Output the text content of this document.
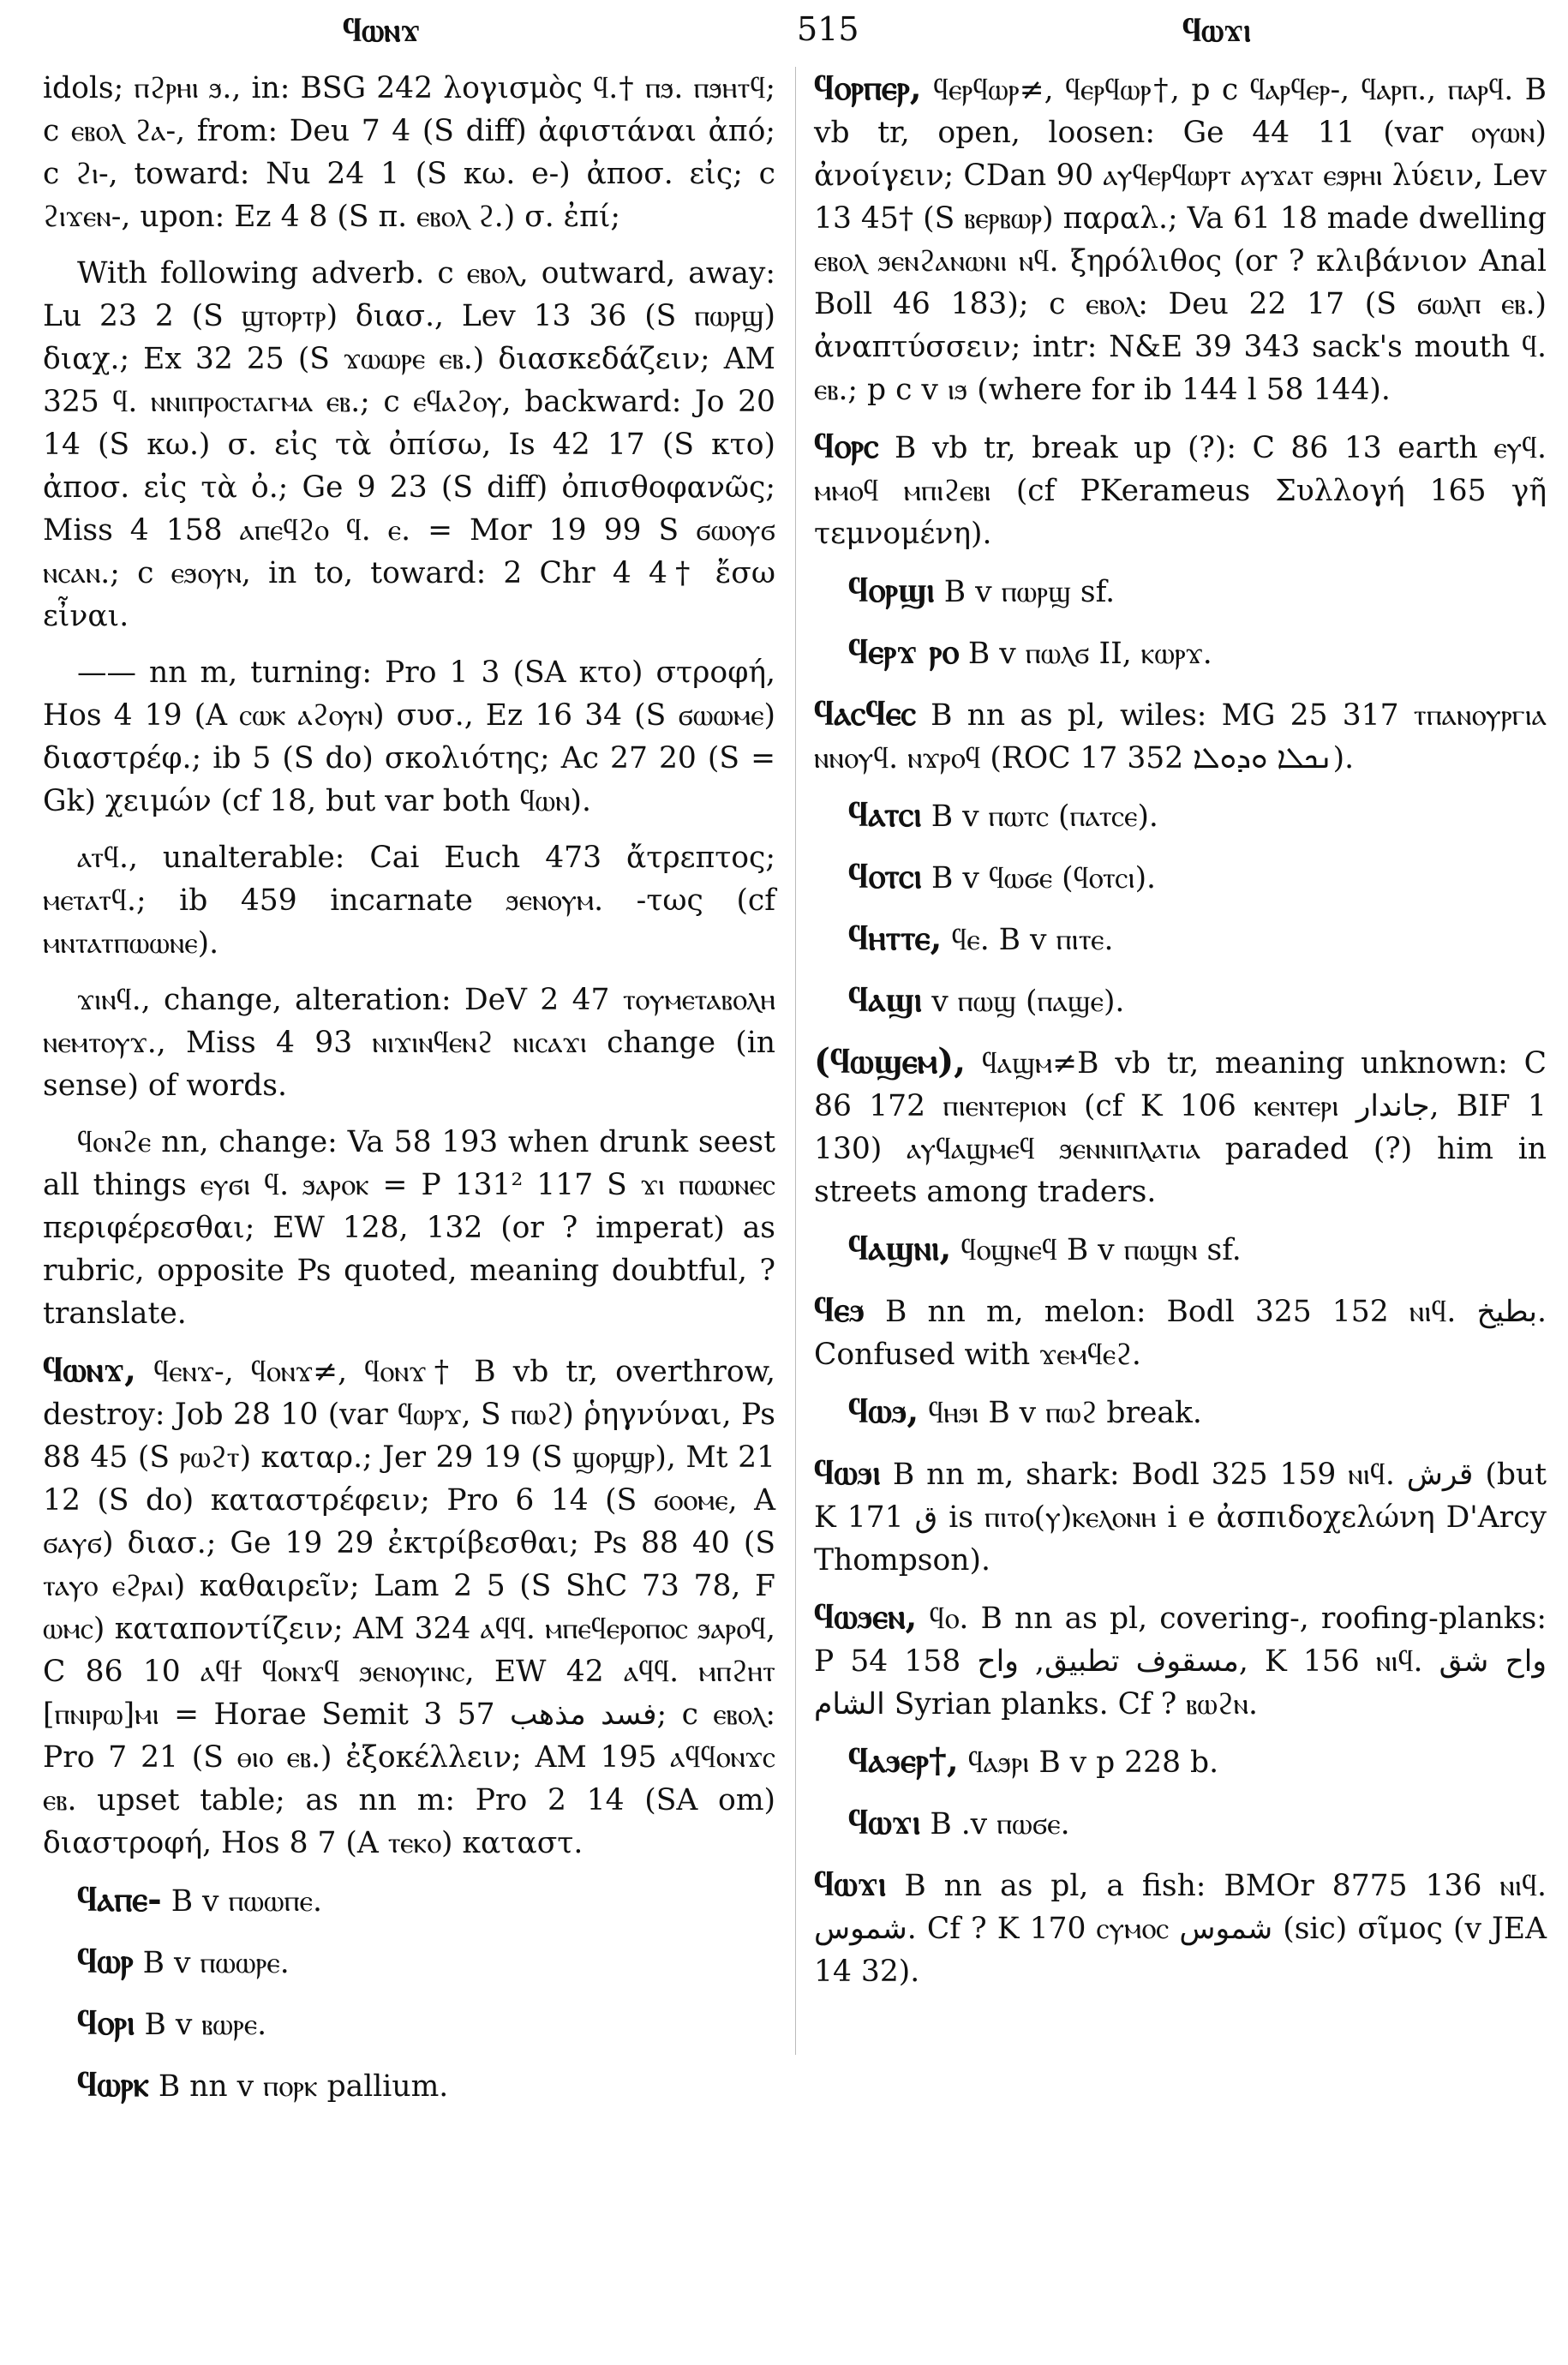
ϥⲱⲛϫ	515	ϥⲱϫⲓ

idols; ⲡϩⲣⲏⲓ ϧ., in: BSG 242 λογισμὸς ϥ.† ⲡϧ. ⲡϧⲏⲧϥ; c ⲉⲃⲟⲗ ϩⲁ-, from: Deu 7 4 (S diff) ἀφιστάναι ἀπό; c ϩⲓ-, toward: Nu 24 1 (S κω. e-) ἀποσ. εἰς; c ϩⲓϫⲉⲛ-, upon: Ez 4 8 (S π. ⲉⲃⲟⲗ ϩ.) σ. ἐπί;

With following adverb. c ⲉⲃⲟⲗ, outward, away: Lu 23 2 (S ϣⲧⲟⲣⲧⲣ) διασ., Lev 13 36 (S ⲡⲱⲣϣ) διαχ.; Ex 32 25 (S ϫⲱⲱⲣⲉ ⲉⲃ.) διασκεδάζειν; AM 325 ϥ. ⲛⲛⲓⲡⲣⲟⲥⲧⲁⲅⲙⲁ ⲉⲃ.; c ⲉϥⲁϩⲟⲩ, backward: Jo 20 14 (S κω.) σ. εἰς τὰ ὀπίσω, Is 42 17 (S κτο) ἀποσ. εἰς τὰ ὀ.; Ge 9 23 (S diff) ὀπισθοφανῶς; Miss 4 158 ⲁⲡⲉϥϩⲟ ϥ. ⲉ. = Mor 19 99 S ϭⲱⲟⲩϭ ⲛⲥⲁⲛ.; c ⲉϧⲟⲩⲛ, in to, toward: 2 Chr 4 4† ἔσω εἶναι.

—— nn m, turning: Pro 1 3 (SA κτο) στροφή, Hos 4 19 (A ⲥⲱⲕ ⲁϩⲟⲩⲛ) συσ., Ez 16 34 (S ϭⲱⲱⲙⲉ) διαστρέφ.; ib 5 (S do) σκολιότης; Ac 27 20 (S = Gk) χειμών (cf 18, but var both ϥⲱⲛ).

ⲁⲧϥ., unalterable: Cai Euch 473 ἄτρεπτος; ⲙⲉⲧⲁⲧϥ.; ib 459 incarnate ϧⲉⲛⲟⲩⲙ. -τως (cf ⲙⲛⲧⲁⲧⲡⲱⲱⲛⲉ).

ϫⲓⲛϥ., change, alteration: DeV 2 47 ⲧⲟⲩⲙⲉⲧⲁⲃⲟⲗⲏ ⲛⲉⲙⲧⲟⲩϫ., Miss 4 93 ⲛⲓϫⲓⲛϥⲉⲛϩ ⲛⲓⲥⲁϫⲓ change (in sense) of words.

ϥⲟⲛϩⲉ nn, change: Va 58 193 when drunk seest all things ⲉⲩϭⲓ ϥ. ϧⲁⲣⲟⲕ = P 131² 117 S ϫⲓ ⲡⲱⲱⲛⲉⲥ περιφέρεσθαι; EW 128, 132 (or ? imperat) as rubric, opposite Ps quoted, meaning doubtful, ? translate.

ϥⲱⲛϫ, ϥⲉⲛϫ-, ϥⲟⲛϫ≠, ϥⲟⲛϫ† B vb tr, overthrow, destroy: Job 28 10 (var ϥⲱⲣϫ, S ⲡⲱϩ) ῥηγνύναι, Ps 88 45 (S ⲣⲱϩⲧ) καταρ.; Jer 29 19 (S ϣⲟⲣϣⲣ), Mt 21 12 (S do) καταστρέφειν; Pro 6 14 (S ϭⲟⲟⲙⲉ, A ϭⲁⲩϭ) διασ.; Ge 19 29 ἐκτρίβεσθαι; Ps 88 40 (S ⲧⲁⲩⲟ ⲉϩⲣⲁⲓ) καθαιρεῖν; Lam 2 5 (S ShC 73 78, F ⲱⲙⲥ) καταποντίζειν; AM 324 ⲁϥϥ. ⲙⲡⲉϥⲉⲣⲟⲡⲟⲥ ϧⲁⲣⲟϥ, C 86 10 ⲁϥϯ ϥⲟⲛϫϥ ϧⲉⲛⲟⲩⲓⲛⲥ, EW 42 ⲁϥϥ. ⲙⲡϩⲏⲧ [ⲡⲛⲓⲣⲱ]ⲙⲓ = Horae Semit 3 57 فسد مذهب; c ⲉⲃⲟⲗ: Pro 7 21 (S ⲑⲓⲟ ⲉⲃ.) ἐξοκέλλειν; AM 195 ⲁϥϥⲟⲛϫⲥ ⲉⲃ. upset table; as nn m: Pro 2 14 (SA om) διαστροφή, Hos 8 7 (A ⲧⲉⲕⲟ) καταστ.

ϥⲁⲡⲉ- B v ⲡⲱⲱⲡⲉ.

ϥⲱⲣ B v ⲡⲱⲱⲣⲉ.

ϥⲟⲣⲓ B v ⲃⲱⲣⲉ.

ϥⲱⲣⲕ B nn v ⲡⲟⲣⲕ pallium.

ϥⲟⲣⲡⲉⲣ, ϥⲉⲣϥⲱⲣ≠, ϥⲉⲣϥⲱⲣ†, p c ϥⲁⲣϥⲉⲣ-, ϥⲁⲣⲡ., ⲡⲁⲣϥ. B vb tr, open, loosen: Ge 44 11 (var ⲟⲩⲱⲛ) ἀνοίγειν; CDan 90 ⲁⲩϥⲉⲣϥⲱⲣⲧ ⲁⲩϫⲁⲧ ⲉϧⲣⲏⲓ λύειν, Lev 13 45† (S ⲃⲉⲣⲃⲱⲣ) παραλ.; Va 61 18 made dwelling ⲉⲃⲟⲗ ϧⲉⲛϩⲁⲛⲱⲛⲓ ⲛϥ. ξηρόλιθος (or ? κλιβάνιον Anal Boll 46 183); c ⲉⲃⲟⲗ: Deu 22 17 (S ϭⲱⲗⲡ ⲉⲃ.) ἀναπτύσσειν; intr: N&E 39 343 sack's mouth ϥ. ⲉⲃ.; p c v ⲓϧ (where for ib 144 l 58 144).

ϥⲟⲣⲥ B vb tr, break up (?): C 86 13 earth ⲉⲩϥ. ⲙⲙⲟϥ ⲙⲡⲓϩⲉⲃⲓ (cf PKerameus Συλλογή 165 γῆ τεμνομένη).

ϥⲟⲣϣⲓ B v ⲡⲱⲣϣ sf.

ϥⲉⲣϫ ⲣⲟ B v ⲡⲱⲗϭ II, ⲕⲱⲣϫ.

ϥⲁⲥϥⲉⲥ B nn as pl, wiles: MG 25 317 ⲧⲡⲁⲛⲟⲩⲣⲅⲓⲁ ⲛⲛⲟⲩϥ. ⲛϫⲣⲟϥ (ROC 17 352 ܢܟܠܐ ܘܕܘܠܐ).

ϥⲁⲧⲥⲓ B v ⲡⲱⲧⲥ (ⲡⲁⲧⲥⲉ).

ϥⲟⲧⲥⲓ B v ϥⲱϭⲉ (ϥⲟⲧⲥⲓ).

ϥⲏⲧⲧⲉ, ϥⲉ. B v ⲡⲓⲧⲉ.

ϥⲁϣⲓ v ⲡⲱϣ (ⲡⲁϣⲉ).

(ϥⲱϣⲉⲙ), ϥⲁϣⲙ≠B vb tr, meaning unknown: C 86 172 ⲡⲓⲉⲛⲧⲉⲣⲓⲟⲛ (cf K 106 ⲕⲉⲛⲧⲉⲣⲓ جاندار, BIF 1 130) ⲁⲩϥⲁϣⲙⲉϥ ϧⲉⲛⲛⲓⲡⲗⲁⲧⲓⲁ paraded (?) him in streets among traders.

ϥⲁϣⲛⲓ, ϥⲟϣⲛⲉϥ B v ⲡⲱϣⲛ sf.

ϥⲉϧ B nn m, melon: Bodl 325 152 ⲛⲓϥ. بطيخ. Confused with ϫⲉⲙϥⲉϩ.

ϥⲱϧ, ϥⲏϧⲓ B v ⲡⲱϩ break.

ϥⲱϧⲓ B nn m, shark: Bodl 325 159 ⲛⲓϥ. قرش (but K 171 ق is ⲡⲓⲧⲟ(ⲩ)ⲕⲉⲗⲟⲛⲏ i e ἀσπιδοχελώνη D'Arcy Thompson).

ϥⲱϧⲉⲛ, ϥⲟ. B nn as pl, covering-, roofing-planks: P 54 158 مسقوف تطبيق, واح, K 156 ⲛⲓϥ. واح شق الشام Syrian planks. Cf ? ⲃⲱϩⲛ.

ϥⲁϧⲉⲣ†, ϥⲁϧⲣⲓ B v p 228 b.

ϥⲱϫⲓ B .v ⲡⲱϭⲉ.

ϥⲱϫⲓ B nn as pl, a fish: BMOr 8775 136 ⲛⲓϥ. شموس. Cf ? K 170 ⲥⲩⲙⲟⲥ شموس (sic) σῖμος (v JEA 14 32).
